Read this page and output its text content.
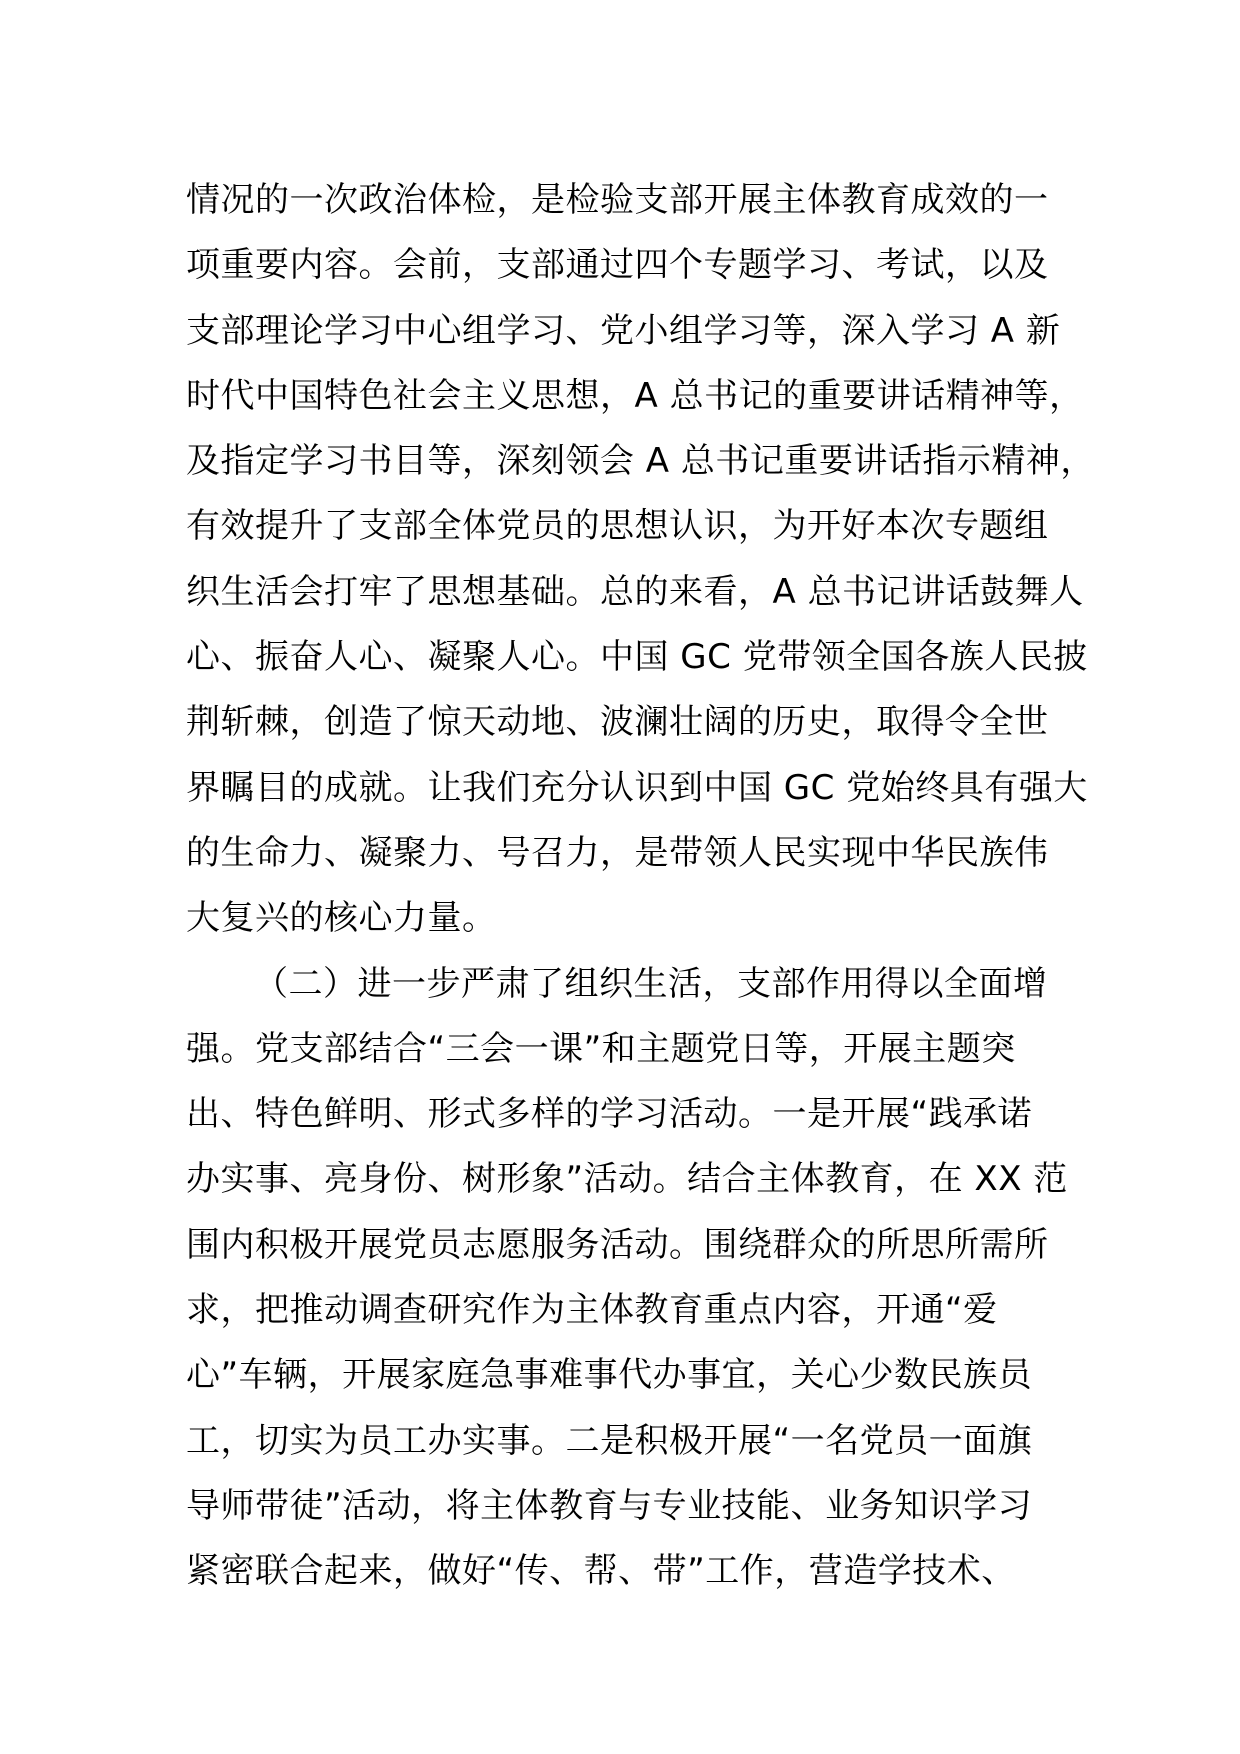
情况的一次政治体检，是检验支部开展主体教育成效的一
项重要内容。会前，支部通过四个专题学习、考试，以及
支部理论学习中心组学习、党小组学习等，深入学习 A 新
时代中国特色社会主义思想，A 总书记的重要讲话精神等，
及指定学习书目等，深刻领会 A 总书记重要讲话指示精神，
有效提升了支部全体党员的思想认识，为开好本次专题组
织生活会打牢了思想基础。总的来看，A 总书记讲话鼓舞人
心、振奋人心、凝聚人心。中国 GC 党带领全国各族人民披
荆斩棘，创造了惊天动地、波澜壮阔的历史，取得令全世
界瞩目的成就。让我们充分认识到中国 GC 党始终具有强大
的生命力、凝聚力、号召力，是带领人民实现中华民族伟
大复兴的核心力量。
（二）进一步严肃了组织生活，支部作用得以全面增
强。党支部结合“三会一课”和主题党日等，开展主题突
出、特色鲜明、形式多样的学习活动。一是开展“践承诺
办实事、亮身份、树形象”活动。结合主体教育，在 XX 范
围内积极开展党员志愿服务活动。围绕群众的所思所需所
求，把推动调查研究作为主体教育重点内容，开通“爱
心”车辆，开展家庭急事难事代办事宜，关心少数民族员
工，切实为员工办实事。二是积极开展“一名党员一面旗
导师带徒”活动，将主体教育与专业技能、业务知识学习
紧密联合起来，做好“传、帮、带”工作，营造学技术、
